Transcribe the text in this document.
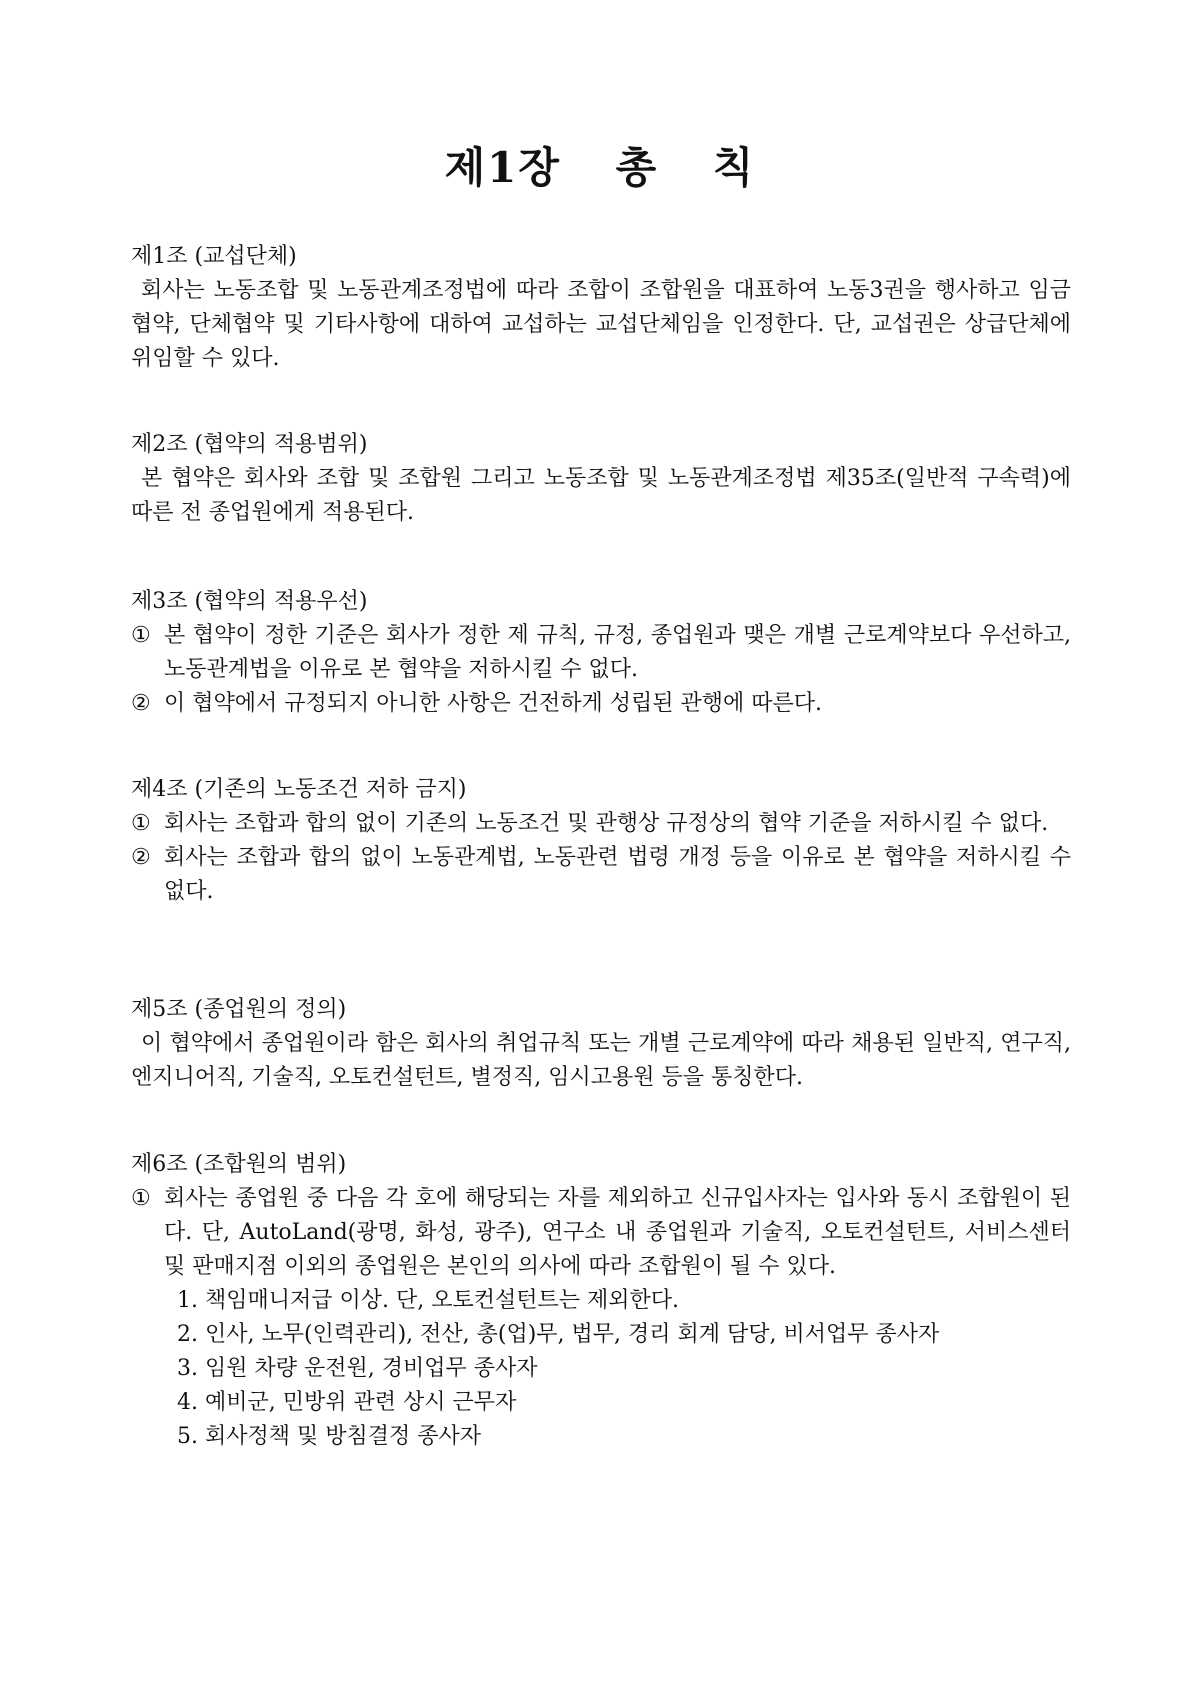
제1장 총 칙
제1조 (교섭단체)
회사는 노동조합 및 노동관계조정법에 따라 조합이 조합원을 대표하여 노동3권을 행사하고 임금협약, 단체협약 및 기타사항에 대하여 교섭하는 교섭단체임을 인정한다. 단, 교섭권은 상급단체에 위임할 수 있다.
제2조 (협약의 적용범위)
본 협약은 회사와 조합 및 조합원 그리고 노동조합 및 노동관계조정법 제35조(일반적 구속력)에 따른 전 종업원에게 적용된다.
제3조 (협약의 적용우선)
① 본 협약이 정한 기준은 회사가 정한 제 규칙, 규정, 종업원과 맺은 개별 근로계약보다 우선하고, 노동관계법을 이유로 본 협약을 저하시킬 수 없다.
② 이 협약에서 규정되지 아니한 사항은 건전하게 성립된 관행에 따른다.
제4조 (기존의 노동조건 저하 금지)
① 회사는 조합과 합의 없이 기존의 노동조건 및 관행상 규정상의 협약 기준을 저하시킬 수 없다.
② 회사는 조합과 합의 없이 노동관계법, 노동관련 법령 개정 등을 이유로 본 협약을 저하시킬 수 없다.
제5조 (종업원의 정의)
이 협약에서 종업원이라 함은 회사의 취업규칙 또는 개별 근로계약에 따라 채용된 일반직, 연구직, 엔지니어직, 기술직, 오토컨설턴트, 별정직, 임시고용원 등을 통칭한다.
제6조 (조합원의 범위)
① 회사는 종업원 중 다음 각 호에 해당되는 자를 제외하고 신규입사자는 입사와 동시 조합원이 된다. 단, AutoLand(광명, 화성, 광주), 연구소 내 종업원과 기술직, 오토컨설턴트, 서비스센터 및 판매지점 이외의 종업원은 본인의 의사에 따라 조합원이 될 수 있다.
1. 책임매니저급 이상. 단, 오토컨설턴트는 제외한다.
2. 인사, 노무(인력관리), 전산, 총(업)무, 법무, 경리 회계 담당, 비서업무 종사자
3. 임원 차량 운전원, 경비업무 종사자
4. 예비군, 민방위 관련 상시 근무자
5. 회사정책 및 방침결정 종사자
